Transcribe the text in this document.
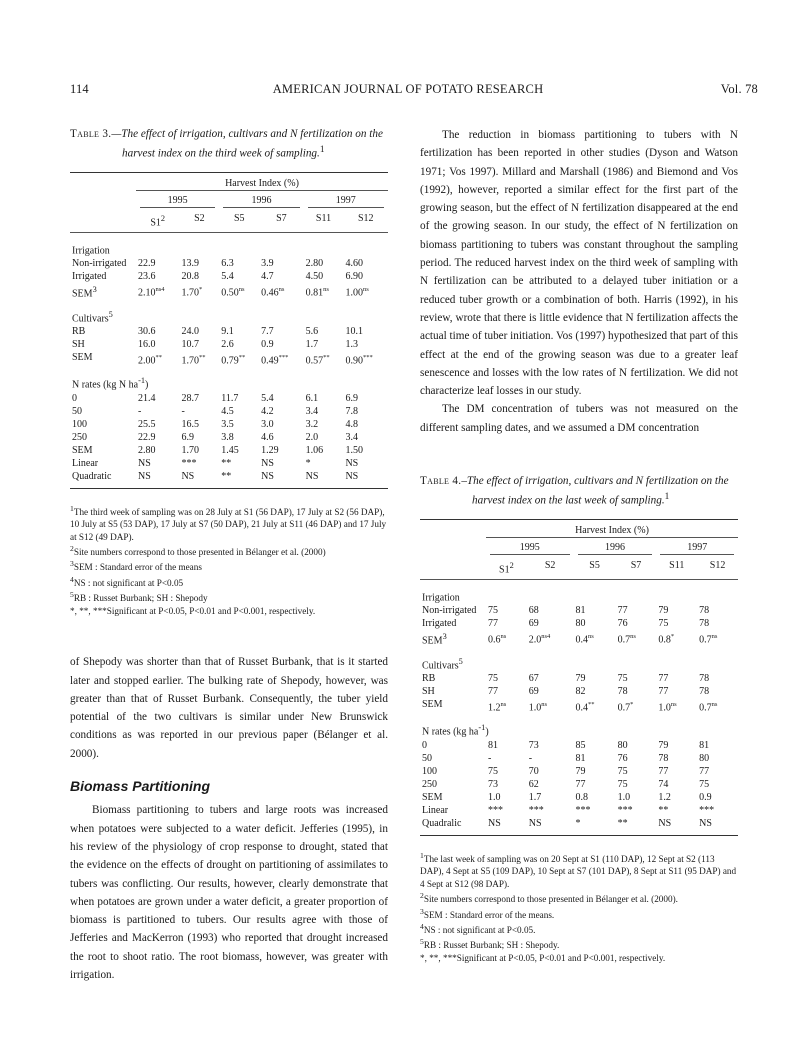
114	AMERICAN JOURNAL OF POTATO RESEARCH	Vol. 78
Table 3.—The effect of irrigation, cultivars and N fertilization on the harvest index on the third week of sampling.$^1$

	Harvest Index (%)					
	1995		1996		1997	

	$S1^2$	S2	S5	S7	S11	S12

Irrigation						
Non-irrigated	22.9	13.9	6.3	3.9	2.80	4.60
Irrigated	23.6	20.8	5.4	4.7	4.50	6.90
SEM$^3$	$2.10^{ns4}$	1.70*	$0.50^{ns}$	$0.46^{ns}$	$0.81^{ns}$	$1.00^{ns}$

Cultivars$^5$
RB	30.6	24.0	9.1	7.7	5.6	10.1
SH	16.0	10.7	2.6	0.9	1.7	1.3
SEM	2.00**	1.70**	0.79**	0.49***	0.57**	0.90***

N rates (kg N $ha^{-1}$)						
0	21.4	28.7	11.7	5.4	6.1	6.9
50	-	-	4.5	4.2	3.4	7.8
100	25.5	16.5	3.5	3.0	3.2	4.8
250	22.9	6.9	3.8	4.6	2.0	3.4
SEM	2.80	1.70	1.45	1.29	1.06	1.50
Linear	NS	***	**	NS	*	NS
Quadratic	NS	NS	**	NS	NS	NS

$^1$The third week of sampling was on 28 July at S1 (56 DAP), 17 July at S2 (56 DAP), 10 July at S5 (53 DAP), 17 July at S7 (50 DAP), 21 July at S11 (46 DAP) and 17 July at S12 (49 DAP).
$^2$Site numbers correspond to those presented in Bélanger et al. (2000)
$^3$SEM : Standard error of the means
$^4$NS : not significant at P<0.05
$^5$RB : Russet Burbank; SH : Shepody
*, **, ***Significant at P<0.05, P<0.01 and P<0.001, respectively.

of Shepody was shorter than that of Russet Burbank, that is it started later and stopped earlier. The bulking rate of Shepody, however, was greater than that of Russet Burbank. Consequently, the tuber yield potential of the two cultivars is similar under New Brunswick conditions as was reported in our previous paper (Bélanger et al. 2000).

Biomass Partitioning

Biomass partitioning to tubers and large roots was increased when potatoes were subjected to a water deficit. Jefferies (1995), in his review of the physiology of crop response to drought, stated that the evidence on the effects of drought on partitioning of assimilates to tubers was conflicting. Our results, however, clearly demonstrate that when potatoes are grown under a water deficit, a greater proportion of biomass is partitioned to tubers. Our results agree with those of Jefferies and MacKerron (1993) who reported that drought increased the root to shoot ratio. The root biomass, however, was greater with irrigation.

The reduction in biomass partitioning to tubers with N fertilization has been reported in other studies (Dyson and Watson 1971; Vos 1997). Millard and Marshall (1986) and Biemond and Vos (1992), however, reported a similar effect for the first part of the growing season, but the effect of N fertilization disappeared at the end of the growing season. In our study, the effect of N fertilization on biomass partitioning to tubers was constant throughout the sampling period. The reduced harvest index on the third week of sampling with N fertilization can be attributed to a delayed tuber initiation or a reduced tuber growth or a combination of both. Harris (1992), in his review, wrote that there is little evidence that N fertilization affects the actual time of tuber initiation. Vos (1997) hypothesized that part of this effect at the end of the growing season was due to a greater leaf senescence and losses with the low rates of N fertilization. We did not characterize leaf losses in our study.

The DM concentration of tubers was not measured on the different sampling dates, and we assumed a DM concentration

Table 4.–The effect of irrigation, cultivars and N fertilization on the harvest index on the last week of sampling.$^1$

	Harvest Index (%)					
	1995		1996		1997	

	$S1^2$	S2	S5	S7	S11	S12

Irrigation						
Non-irrigated	75	68	81	77	79	78
Irrigated	77	69	80	76	75	78
SEM$^3$	$0.6^{ns}$	$2.0^{ns4}$	$0.4^{ns}$	$0.7^{ns}$	0.8*	$0.7^{ns}$

Cultivars$^5$
RB	75	67	79	75	77	78
SH	77	69	82	78	77	78
SEM	$1.2^{ns}$	$1.0^{ns}$	0.4**	0.7*	$1.0^{ns}$	$0.7^{ns}$

N rates (kg $ha^{-1}$)						
0	81	73	85	80	79	81
50	-	-	81	76	78	80
100	75	70	79	75	77	77
250	73	62	77	75	74	75
SEM	1.0	1.7	0.8	1.0	1.2	0.9
Linear	***	***	***	***	**	***
Quadralic	NS	NS	*	**	NS	NS

$^1$The last week of sampling was on 20 Sept at S1 (110 DAP), 12 Sept at S2 (113 DAP), 4 Sept at S5 (109 DAP), 10 Sept at S7 (101 DAP), 8 Sept at S11 (95 DAP) and 4 Sept at S12 (98 DAP).
$^2$Site numbers correspond to those presented in Bélanger et al. (2000).
$^3$SEM : Standard error of the means.
$^4$NS : not significant at P<0.05.
$^5$RB : Russet Burbank; SH : Shepody.
*, **, ***Significant at P<0.05, P<0.01 and P<0.001, respectively.
